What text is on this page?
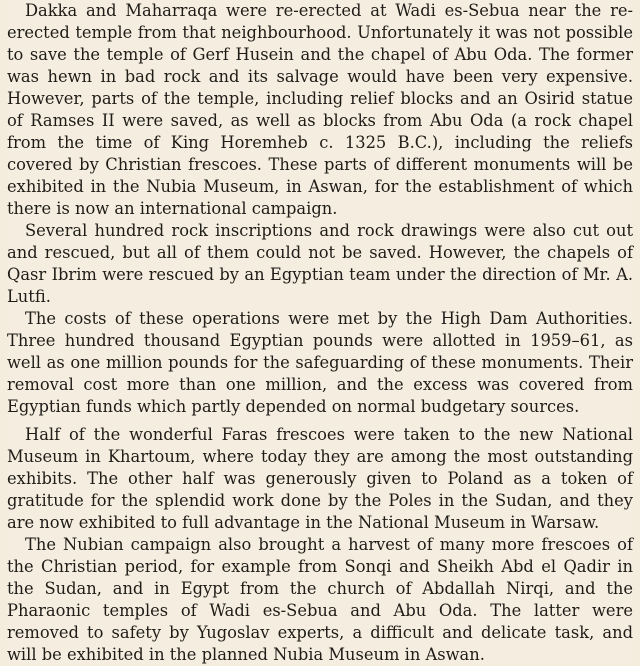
Dakka and Maharraqa were re-erected at Wadi es-Sebua near the re-erected temple from that neighbourhood. Unfortunately it was not possible to save the temple of Gerf Husein and the chapel of Abu Oda. The former was hewn in bad rock and its salvage would have been very expensive. However, parts of the temple, including relief blocks and an Osirid statue of Ramses II were saved, as well as blocks from Abu Oda (a rock chapel from the time of King Horemheb c. 1325 B.C.), including the reliefs covered by Christian frescoes. These parts of different monuments will be exhibited in the Nubia Museum, in Aswan, for the establishment of which there is now an international campaign.

Several hundred rock inscriptions and rock drawings were also cut out and rescued, but all of them could not be saved. However, the chapels of Qasr Ibrim were rescued by an Egyptian team under the direction of Mr. A. Lutfi.

The costs of these operations were met by the High Dam Authorities. Three hundred thousand Egyptian pounds were allotted in 1959–61, as well as one million pounds for the safeguarding of these monuments. Their removal cost more than one million, and the excess was covered from Egyptian funds which partly depended on normal budgetary sources.

Half of the wonderful Faras frescoes were taken to the new National Museum in Khartoum, where today they are among the most outstanding exhibits. The other half was generously given to Poland as a token of gratitude for the splendid work done by the Poles in the Sudan, and they are now exhibited to full advantage in the National Museum in Warsaw.

The Nubian campaign also brought a harvest of many more frescoes of the Christian period, for example from Sonqi and Sheikh Abd el Qadir in the Sudan, and in Egypt from the church of Abdallah Nirqi, and the Pharaonic temples of Wadi es-Sebua and Abu Oda. The latter were removed to safety by Yugoslav experts, a difficult and delicate task, and will be exhibited in the planned Nubia Museum in Aswan.
